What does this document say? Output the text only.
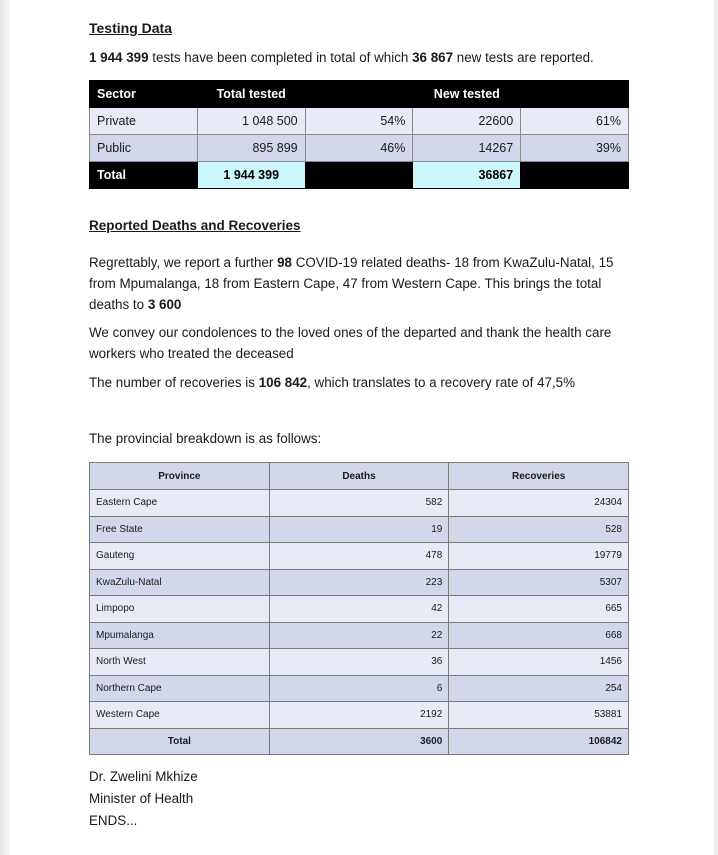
Testing Data

1 944 399 tests have been completed in total of which 36 867 new tests are reported.

Sector	Total tested		New tested	
Private	1 048 500	54%	22600	61%
Public	895 899	46%	14267	39%
Total	1 944 399		36867	
Reported Deaths and Recoveries

Regrettably, we report a further 98 COVID-19 related deaths- 18 from KwaZulu-Natal, 15 from Mpumalanga, 18 from Eastern Cape, 47 from Western Cape. This brings the total deaths to 3 600

We convey our condolences to the loved ones of the departed and thank the health care workers who treated the deceased

The number of recoveries is 106 842, which translates to a recovery rate of 47,5%

The provincial breakdown is as follows:

Province	Deaths	Recoveries
Eastern Cape	582	24304
Free State	19	528
Gauteng	478	19779
KwaZulu-Natal	223	5307
Limpopo	42	665
Mpumalanga	22	668
North West	36	1456
Northern Cape	6	254
Western Cape	2192	53881
Total	3600	106842
Dr. Zwelini Mkhize
Minister of Health
ENDS...
